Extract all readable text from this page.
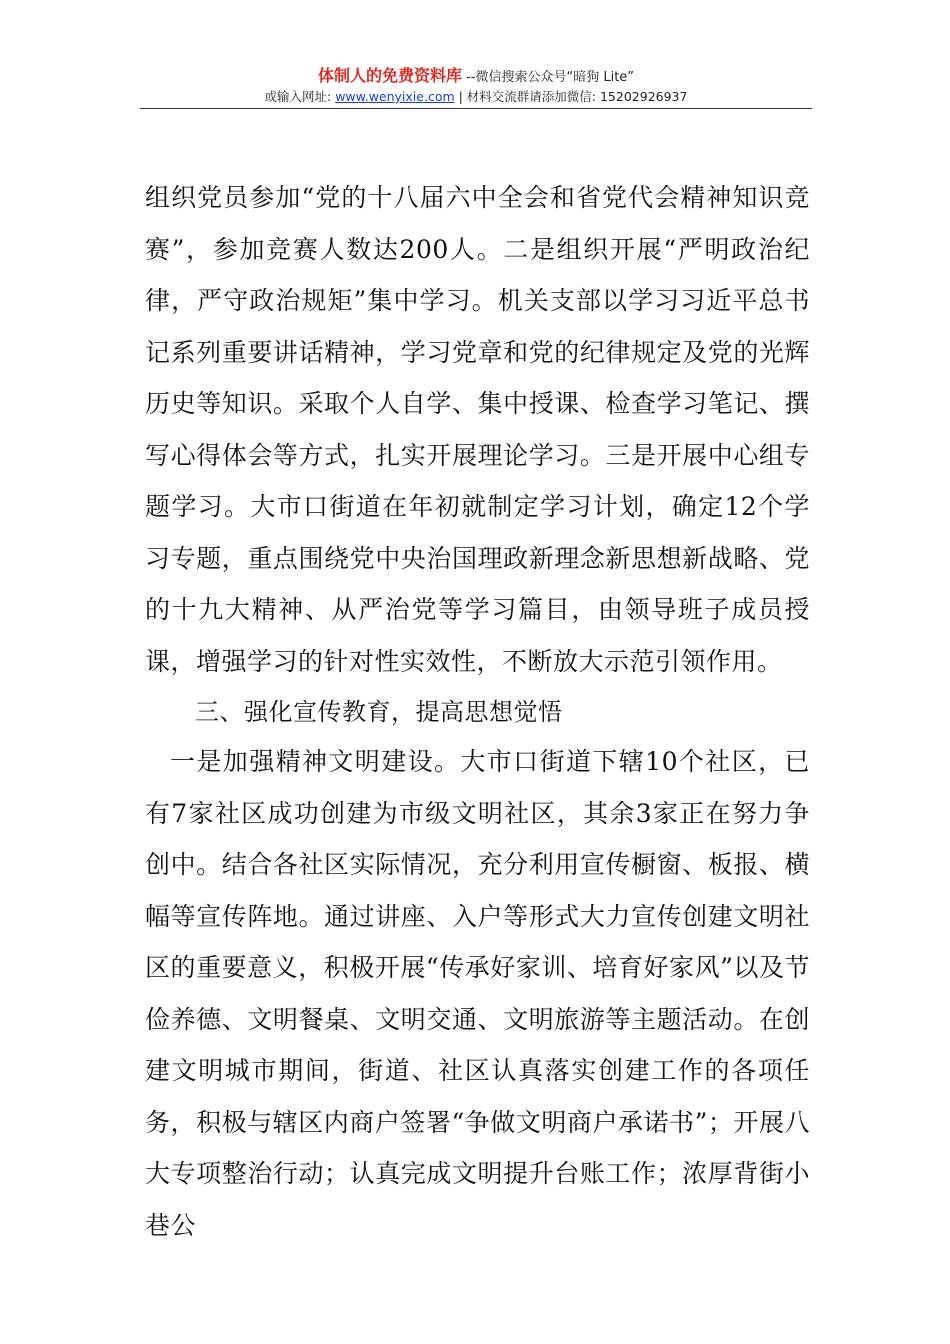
体制人的免费资料库 --微信搜索公众号“暗狗 Lite”
或输入网址: www.wenyixie.com | 材料交流群请添加微信: 15202926937

组织党员参加“党的十八届六中全会和省党代会精神知识竞赛”，参加竞赛人数达200人。二是组织开展“严明政治纪律，严守政治规矩”集中学习。机关支部以学习习近平总书记系列重要讲话精神，学习党章和党的纪律规定及党的光辉历史等知识。采取个人自学、集中授课、检查学习笔记、撰写心得体会等方式，扎实开展理论学习。三是开展中心组专题学习。大市口街道在年初就制定学习计划，确定12个学习专题，重点围绕党中央治国理政新理念新思想新战略、党的十九大精神、从严治党等学习篇目，由领导班子成员授课，增强学习的针对性实效性，不断放大示范引领作用。

三、强化宣传教育，提高思想觉悟

一是加强精神文明建设。大市口街道下辖10个社区，已有7家社区成功创建为市级文明社区，其余3家正在努力争创中。结合各社区实际情况，充分利用宣传橱窗、板报、横幅等宣传阵地。通过讲座、入户等形式大力宣传创建文明社区的重要意义，积极开展“传承好家训、培育好家风”以及节俭养德、文明餐桌、文明交通、文明旅游等主题活动。在创建文明城市期间，街道、社区认真落实创建工作的各项任务，积极与辖区内商户签署“争做文明商户承诺书”；开展八大专项整治行动；认真完成文明提升台账工作；浓厚背街小巷公
